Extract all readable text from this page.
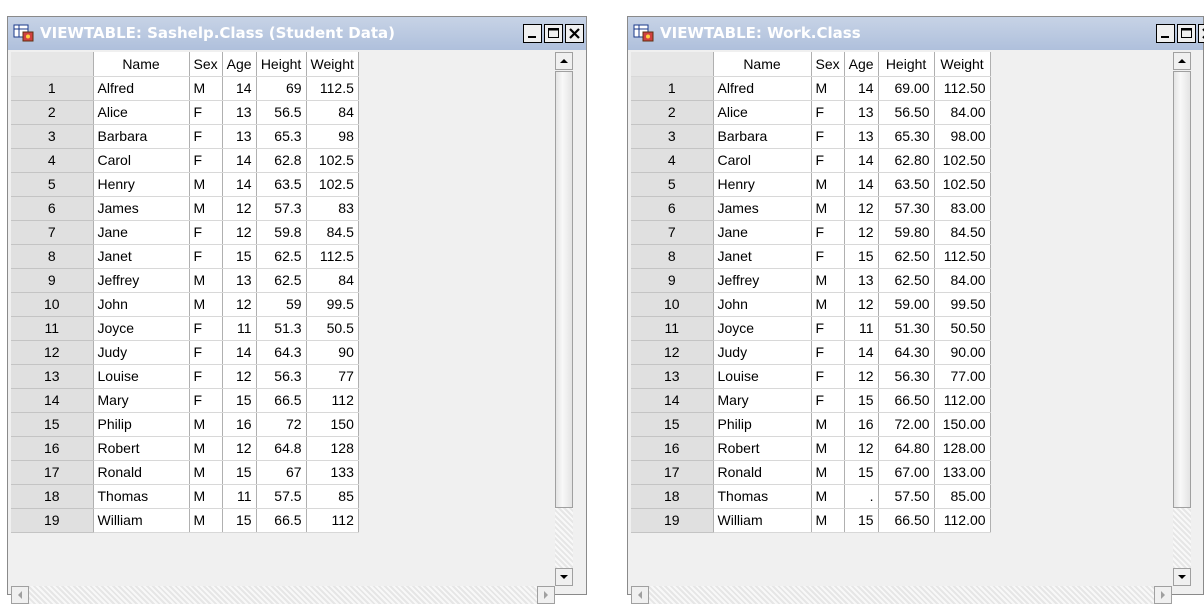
VIEWTABLE: Sashelp.Class (Student Data)
	Name	Sex	Age	Height	Weight
1	Alfred	M	14	69	112.5
2	Alice	F	13	56.5	84
3	Barbara	F	13	65.3	98
4	Carol	F	14	62.8	102.5
5	Henry	M	14	63.5	102.5
6	James	M	12	57.3	83
7	Jane	F	12	59.8	84.5
8	Janet	F	15	62.5	112.5
9	Jeffrey	M	13	62.5	84
10	John	M	12	59	99.5
11	Joyce	F	11	51.3	50.5
12	Judy	F	14	64.3	90
13	Louise	F	12	56.3	77
14	Mary	F	15	66.5	112
15	Philip	M	16	72	150
16	Robert	M	12	64.8	128
17	Ronald	M	15	67	133
18	Thomas	M	11	57.5	85
19	William	M	15	66.5	112
VIEWTABLE: Work.Class
	Name	Sex	Age	Height	Weight
1	Alfred	M	14	69.00	112.50
2	Alice	F	13	56.50	84.00
3	Barbara	F	13	65.30	98.00
4	Carol	F	14	62.80	102.50
5	Henry	M	14	63.50	102.50
6	James	M	12	57.30	83.00
7	Jane	F	12	59.80	84.50
8	Janet	F	15	62.50	112.50
9	Jeffrey	M	13	62.50	84.00
10	John	M	12	59.00	99.50
11	Joyce	F	11	51.30	50.50
12	Judy	F	14	64.30	90.00
13	Louise	F	12	56.30	77.00
14	Mary	F	15	66.50	112.00
15	Philip	M	16	72.00	150.00
16	Robert	M	12	64.80	128.00
17	Ronald	M	15	67.00	133.00
18	Thomas	M	.	57.50	85.00
19	William	M	15	66.50	112.00
